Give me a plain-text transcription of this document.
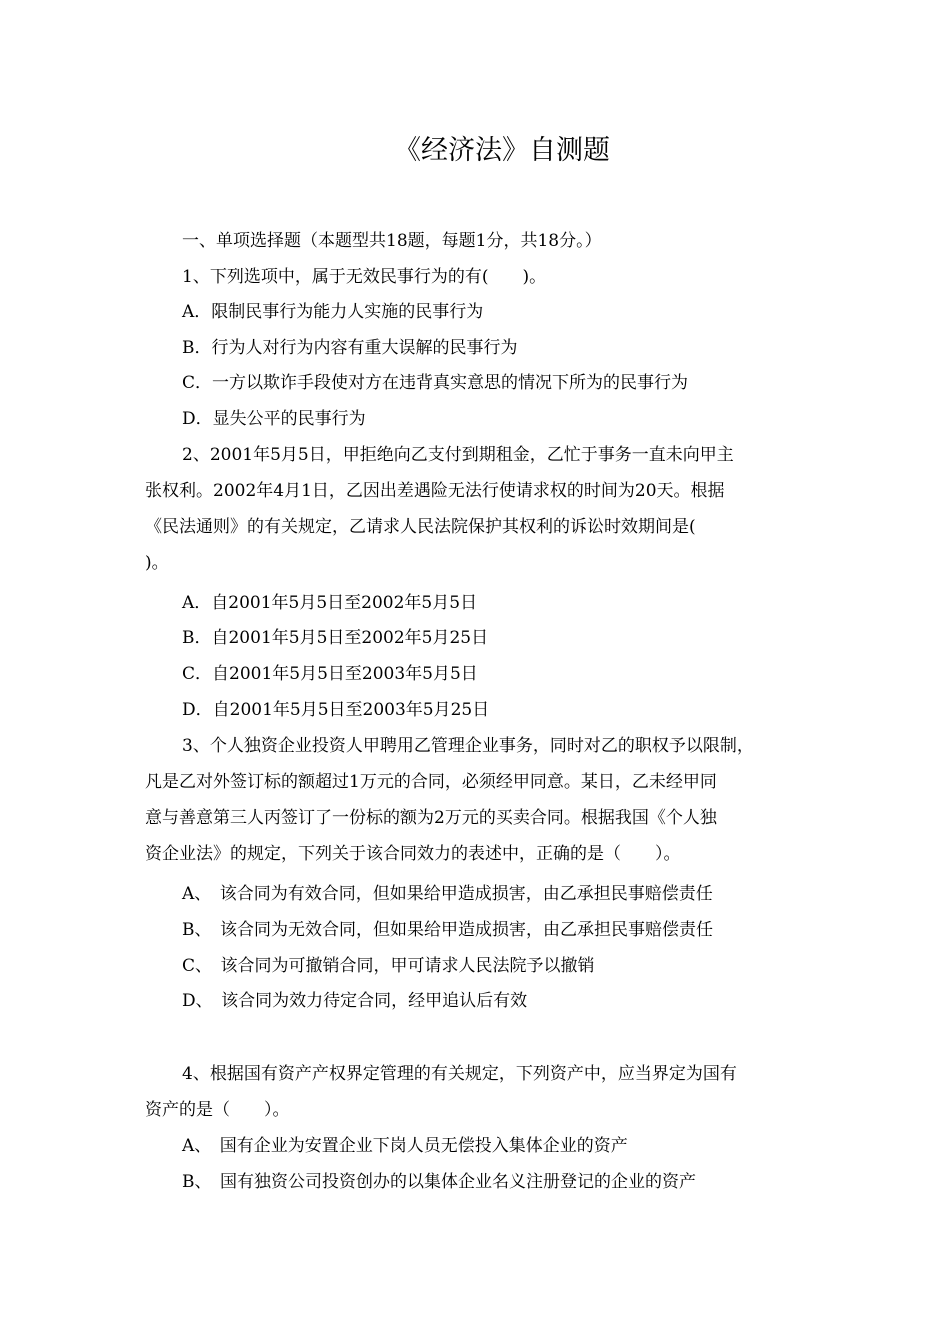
《经济法》自测题
一、单项选择题（本题型共18题，每题1分，共18分。）
1、下列选项中，属于无效民事行为的有(　　)。
A．限制民事行为能力人实施的民事行为
B．行为人对行为内容有重大误解的民事行为
C．一方以欺诈手段使对方在违背真实意思的情况下所为的民事行为
D．显失公平的民事行为
2、2001年5月5日，甲拒绝向乙支付到期租金，乙忙于事务一直未向甲主
张权利。2002年4月1日，乙因出差遇险无法行使请求权的时间为20天。根据
《民法通则》的有关规定，乙请求人民法院保护其权利的诉讼时效期间是(
)。
A．自2001年5月5日至2002年5月5日
B．自2001年5月5日至2002年5月25日
C．自2001年5月5日至2003年5月5日
D．自2001年5月5日至2003年5月25日
3、个人独资企业投资人甲聘用乙管理企业事务，同时对乙的职权予以限制，
凡是乙对外签订标的额超过1万元的合同，必须经甲同意。某日，乙未经甲同
意与善意第三人丙签订了一份标的额为2万元的买卖合同。根据我国《个人独
资企业法》的规定，下列关于该合同效力的表述中，正确的是（　　）。
A、　该合同为有效合同，但如果给甲造成损害，由乙承担民事赔偿责任
B、　该合同为无效合同，但如果给甲造成损害，由乙承担民事赔偿责任
C、　该合同为可撤销合同，甲可请求人民法院予以撤销
D、　该合同为效力待定合同，经甲追认后有效
4、根据国有资产产权界定管理的有关规定，下列资产中，应当界定为国有
资产的是（　　）。
A、　国有企业为安置企业下岗人员无偿投入集体企业的资产
B、　国有独资公司投资创办的以集体企业名义注册登记的企业的资产
